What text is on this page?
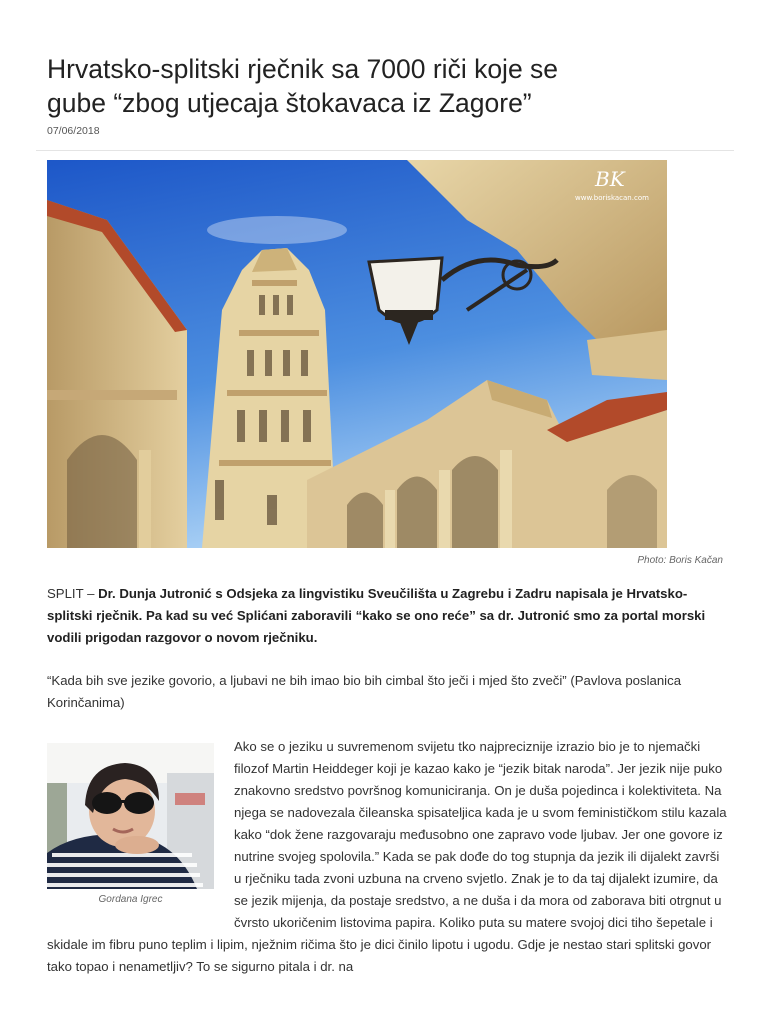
Hrvatsko-splitski rječnik sa 7000 riči koje se gube “zbog utjecaja štokavaca iz Zagore”
07/06/2018
BK
www.boriskacan.com
Photo: Boris Kačan

SPLIT – Dr. Dunja Jutronić s Odsjeka za lingvistiku Sveučilišta u Zagrebu i Zadru napisala je Hrvatsko-splitski rječnik. Pa kad su već Splićani zaboravili “kako se ono reće” sa dr. Jutronić smo za portal morski vodili prigodan razgovor o novom rječniku.

“Kada bih sve jezike govorio, a ljubavi ne bih imao bio bih cimbal što ječi i mjed što zveči” (Pavlova poslanica Korinčanima)

Gordana Igrec
Ako se o jeziku u suvremenom svijetu tko najpreciznije izrazio bio je to njemački filozof Martin Heiddeger koji je kazao kako je “jezik bitak naroda”. Jer jezik nije puko znakovno sredstvo površnog komuniciranja. On je duša pojedinca i kolektiviteta. Na njega se nadovezala čileanska spisateljica kada je u svom feminističkom stilu kazala kako “dok žene razgovaraju međusobno one zapravo vode ljubav. Jer one govore iz nutrine svojeg spolovila.” Kada se pak dođe do tog stupnja da jezik ili dijalekt završi u rječniku tada zvoni uzbuna na crveno svjetlo. Znak je to da taj dijalekt izumire, da se jezik mijenja, da postaje sredstvo, a ne duša i da mora od zaborava biti otrgnut u čvrsto ukoričenim listovima papira. Koliko puta su matere svojoj dici tiho šepetale i skidale im fibru puno teplim i lipim, nježnim ričima što je dici činilo lipotu i ugodu. Gdje je nestao stari splitski govor tako topao i nenametljiv? To se sigurno pitala i dr. na
